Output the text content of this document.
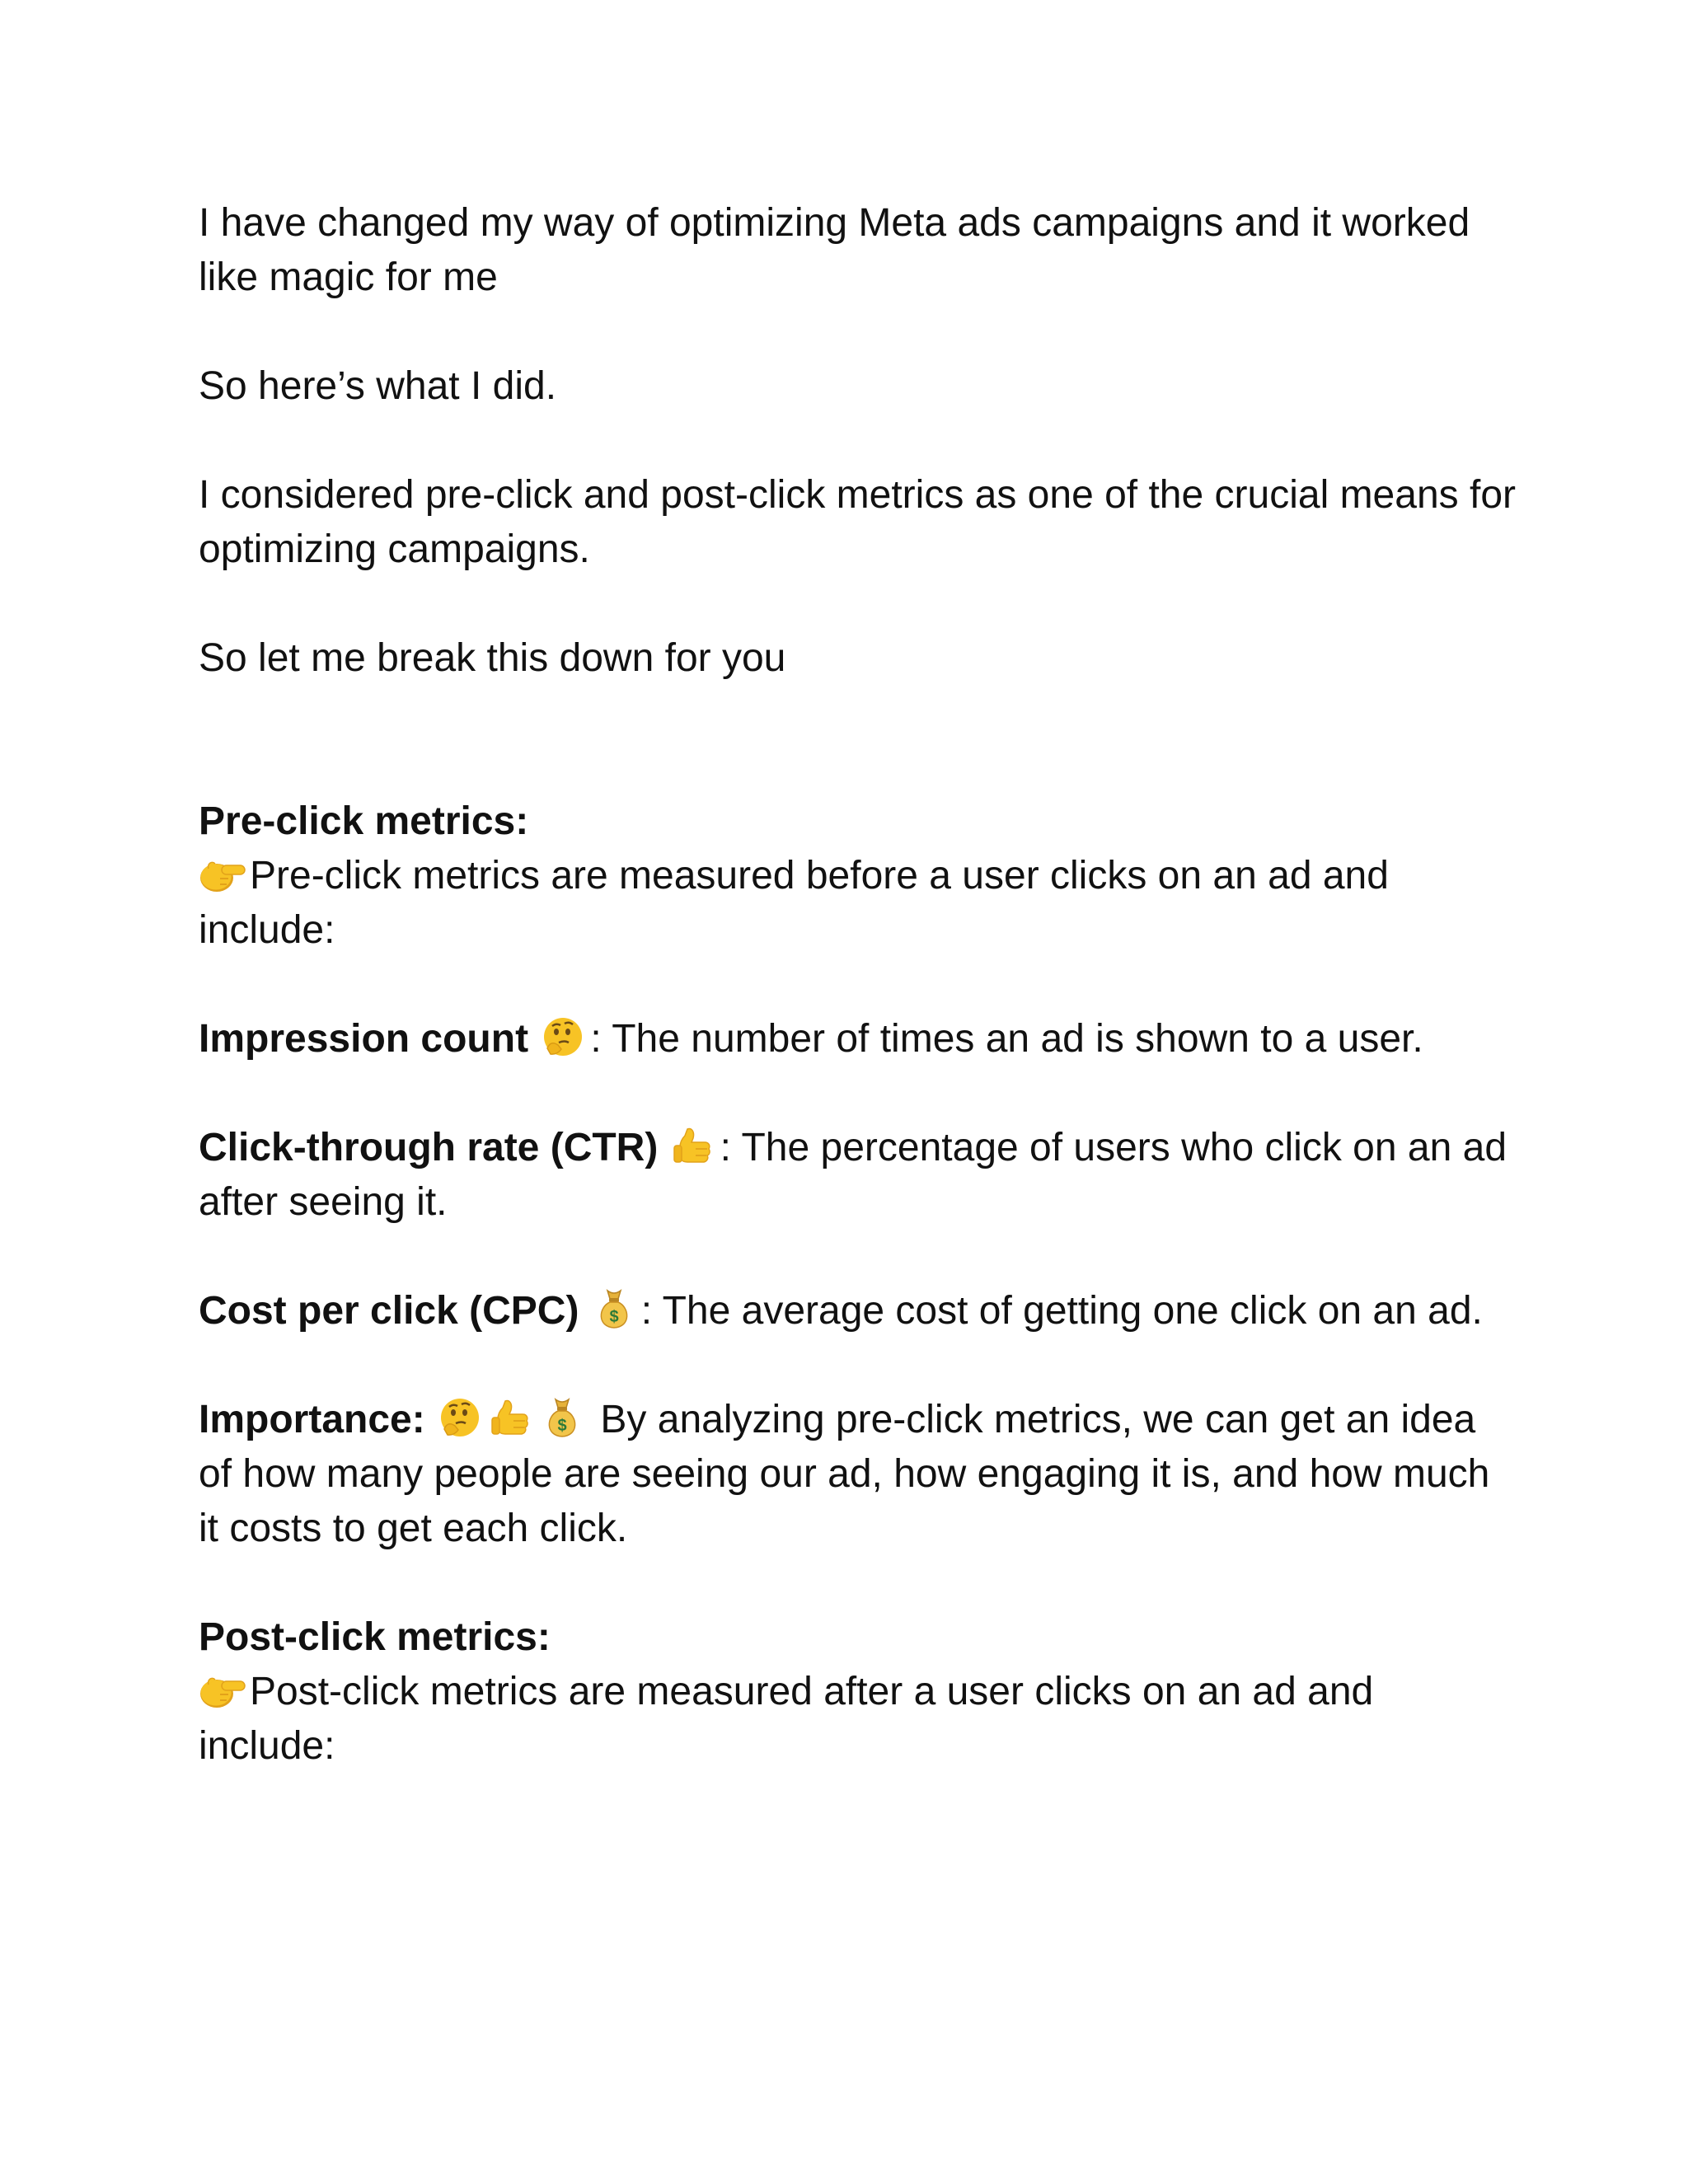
I have changed my way of optimizing Meta ads campaigns and it worked like magic for me

So here’s what I did.

I considered pre-click and post-click metrics as one of the crucial means for optimizing campaigns.

So let me break this down for you

Pre-click metrics:

Pre-click metrics are measured before a user clicks on an ad and include:

Impression count : The number of times an ad is shown to a user.

Click-through rate (CTR) : The percentage of users who click on an ad after seeing it.

Cost per click (CPC) $ : The average cost of getting one click on an ad.

Importance:	$ By analyzing pre-click metrics, we can get an idea of how many people are seeing our ad, how engaging it is, and how much it costs to get each click.

Post-click metrics:

Post-click metrics are measured after a user clicks on an ad and include:
